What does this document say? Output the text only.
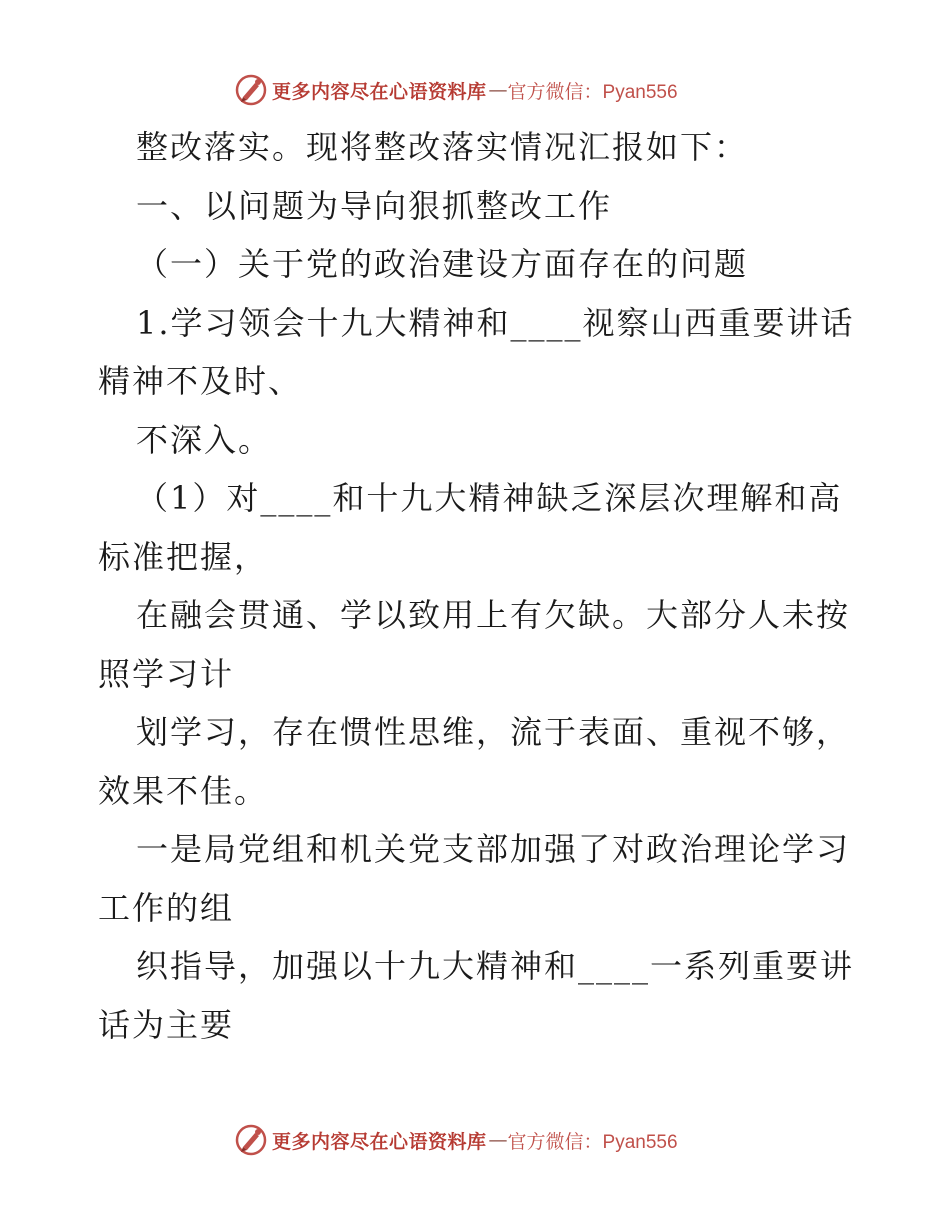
更多内容尽在心语资料库 — 官方微信：Pyan556
整改落实。现将整改落实情况汇报如下：
一、以问题为导向狠抓整改工作
（一）关于党的政治建设方面存在的问题
1.学习领会十九大精神和____视察山西重要讲话
精神不及时、
不深入。
（1）对____和十九大精神缺乏深层次理解和高
标准把握，
在融会贯通、学以致用上有欠缺。大部分人未按
照学习计
划学习，存在惯性思维，流于表面、重视不够，
效果不佳。
一是局党组和机关党支部加强了对政治理论学习
工作的组
织指导，加强以十九大精神和____一系列重要讲
话为主要
更多内容尽在心语资料库 — 官方微信：Pyan556
